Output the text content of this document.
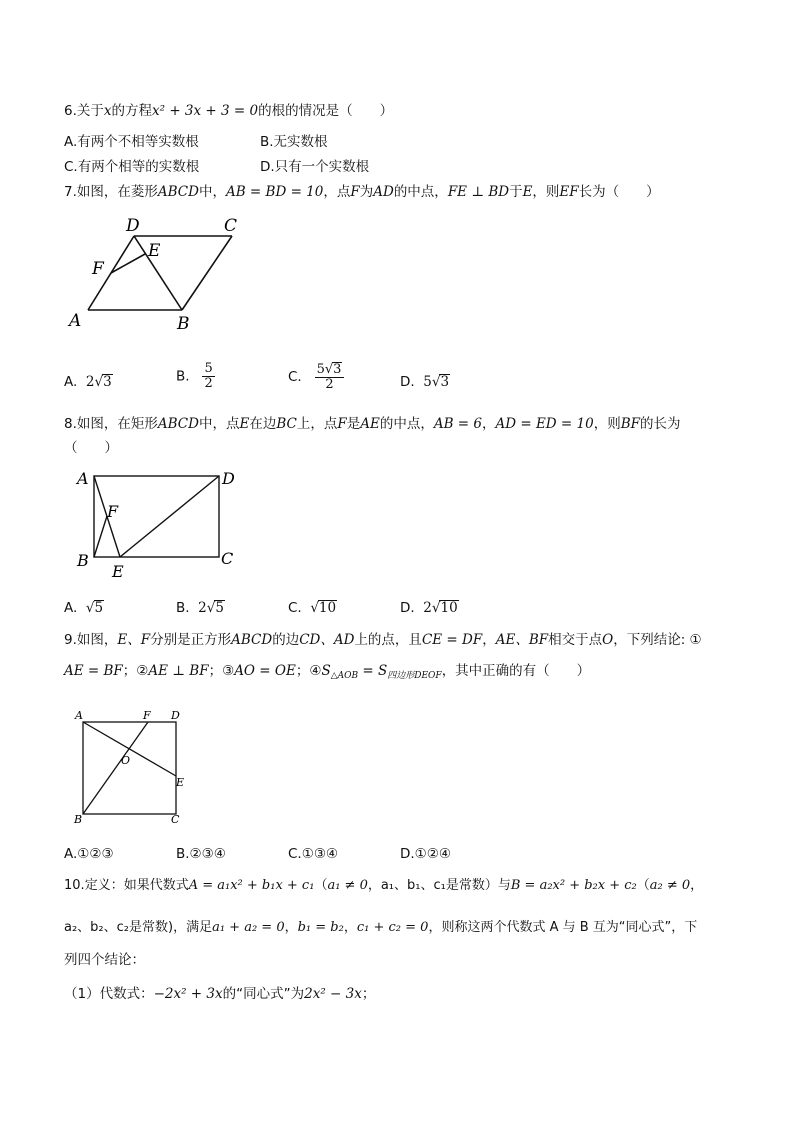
6.关于x的方程x² + 3x + 3 = 0的根的情况是（　　）
A.有两个不相等实数根	B.无实数根
C.有两个相等的实数根	D.只有一个实数根
7.如图，在菱形ABCD中，AB = BD = 10，点F为AD的中点，FE ⊥ BD于E，则EF长为（　　）
D	C
E
F
A	B
A. 2√3	B. $\frac{5}{2}$	C. $\frac{5√3}{2}$	D. 5√3
8.如图，在矩形ABCD中，点E在边BC上，点F是AE的中点，AB = 6，AD = ED = 10，则BF的长为
（　　）
A	D
F
B	C
E
A. √5	B. 2√5	C. √10	D. 2√10
9.如图，E、F分别是正方形ABCD的边CD、AD上的点，且CE = DF，AE、BF相交于点O，下列结论: ①
AE = BF；②AE ⊥ BF；③AO = OE；$④S_{\triangle AOB} = S_{四边形DEOF}$，其中正确的有（　　）
A	F D
O
E
B	C
A.①②③	B.②③④	C.①③④	D.①②④
10.定义：如果代数式A = a₁x² + b₁x + c₁（a₁ ≠ 0，a₁、b₁、c₁是常数）与B = a₂x² + b₂x + c₂（a₂ ≠ 0，
a₂、b₂、c₂是常数)，满足a₁ + a₂ = 0，b₁ = b₂，c₁ + c₂ = 0，则称这两个代数式 A 与 B 互为“同心式”，下
列四个结论：
（1）代数式：−2x² + 3x的“同心式”为2x² − 3x；
